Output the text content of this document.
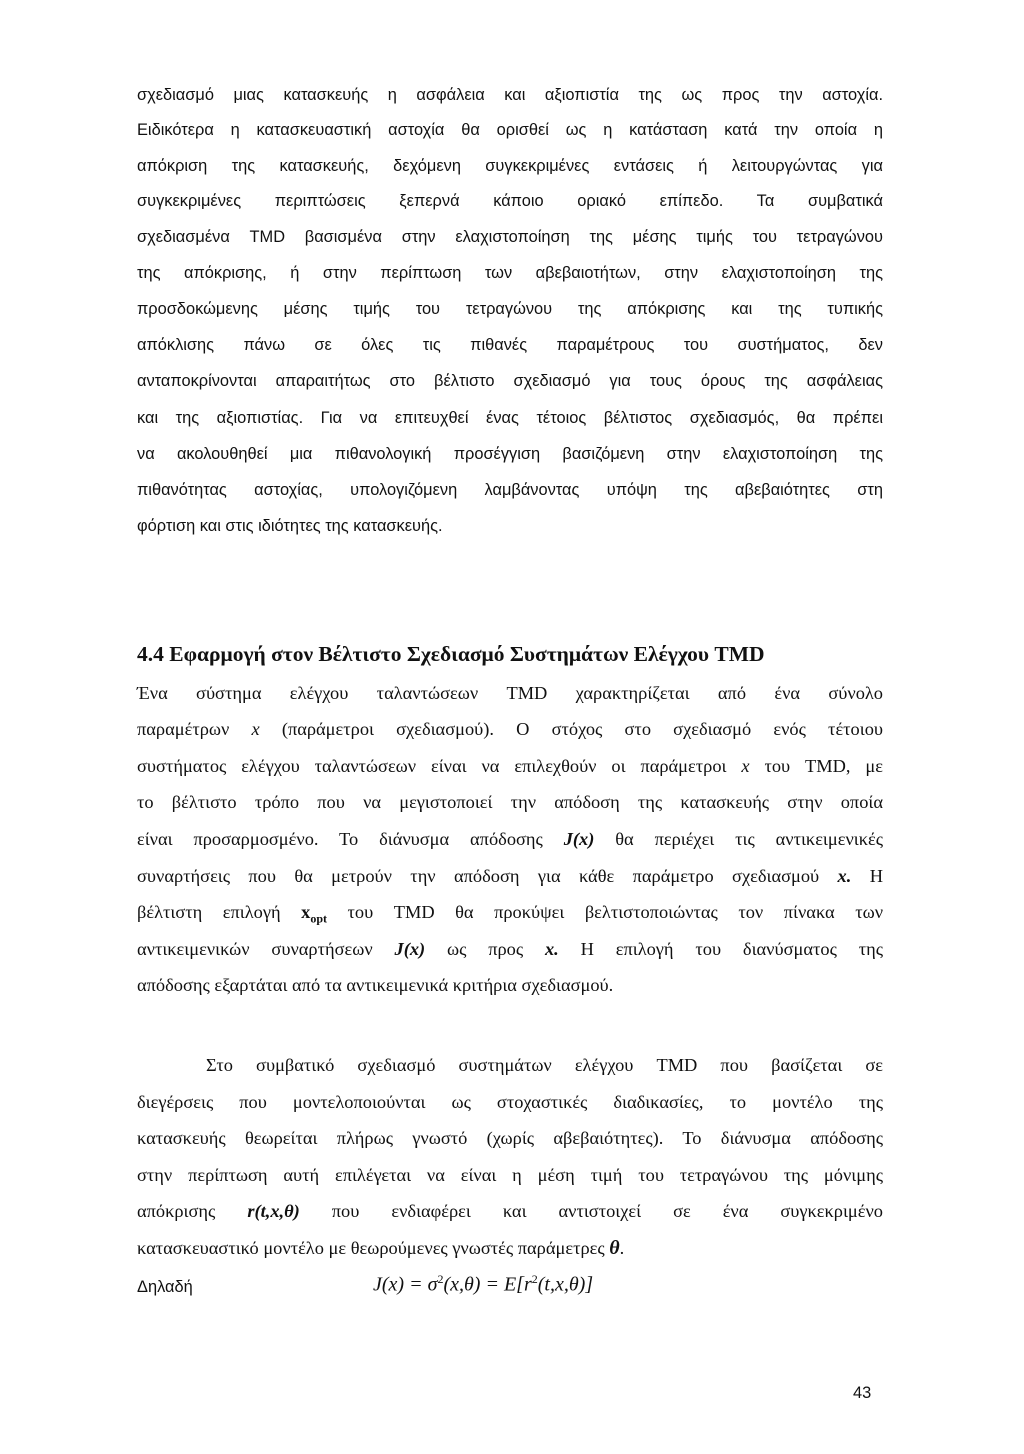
σχεδιασμό μιας κατασκευής η ασφάλεια και αξιοπιστία της ως προς την αστοχία.
Ειδικότερα η κατασκευαστική αστοχία θα ορισθεί ως η κατάσταση κατά την οποία η
απόκριση της κατασκευής, δεχόμενη συγκεκριμένες εντάσεις ή λειτουργώντας για
συγκεκριμένες περιπτώσεις ξεπερνά κάποιο οριακό επίπεδο. Τα συμβατικά
σχεδιασμένα TMD βασισμένα στην ελαχιστοποίηση της μέσης τιμής του τετραγώνου
της απόκρισης, ή στην περίπτωση των αβεβαιοτήτων, στην ελαχιστοποίηση της
προσδοκώμενης μέσης τιμής του τετραγώνου της απόκρισης και της τυπικής
απόκλισης πάνω σε όλες τις πιθανές παραμέτρους του συστήματος, δεν
ανταποκρίνονται απαραιτήτως στο βέλτιστο σχεδιασμό για τους όρους της ασφάλειας
και της αξιοπιστίας. Για να επιτευχθεί ένας τέτοιος βέλτιστος σχεδιασμός, θα πρέπει
να ακολουθηθεί μια πιθανολογική προσέγγιση βασιζόμενη στην ελαχιστοποίηση της
πιθανότητας αστοχίας, υπολογιζόμενη λαμβάνοντας υπόψη της αβεβαιότητες στη
φόρτιση και στις ιδιότητες της κατασκευής.
4.4 Εφαρμογή στον Βέλτιστο Σχεδιασμό Συστημάτων Ελέγχου TMD
Ένα σύστημα ελέγχου ταλαντώσεων TMD χαρακτηρίζεται από ένα σύνολο
παραμέτρων x (παράμετροι σχεδιασμού). Ο στόχος στο σχεδιασμό ενός τέτοιου
συστήματος ελέγχου ταλαντώσεων είναι να επιλεχθούν οι παράμετροι x του TMD, με
το βέλτιστο τρόπο που να μεγιστοποιεί την απόδοση της κατασκευής στην οποία
είναι προσαρμοσμένο. Το διάνυσμα απόδοσης J(x) θα περιέχει τις αντικειμενικές
συναρτήσεις που θα μετρούν την απόδοση για κάθε παράμετρο σχεδιασμού x. Η
βέλτιστη επιλογή $x_{opt}$ του TMD θα προκύψει βελτιστοποιώντας τον πίνακα των
αντικειμενικών συναρτήσεων J(x) ως προς x. Η επιλογή του διανύσματος της
απόδοσης εξαρτάται από τα αντικειμενικά κριτήρια σχεδιασμού.
Στο συμβατικό σχεδιασμό συστημάτων ελέγχου TMD που βασίζεται σε
διεγέρσεις που μοντελοποιούνται ως στοχαστικές διαδικασίες, το μοντέλο της
κατασκευής θεωρείται πλήρως γνωστό (χωρίς αβεβαιότητες). Το διάνυσμα απόδοσης
στην περίπτωση αυτή επιλέγεται να είναι η μέση τιμή του τετραγώνου της μόνιμης
απόκρισης r(t,x,θ) που ενδιαφέρει και αντιστοιχεί σε ένα συγκεκριμένο
κατασκευαστικό μοντέλο με θεωρούμενες γνωστές παράμετρες θ.
Δηλαδή	$J(x) = \sigma^2(x,\theta) = E[r^2(t,x,\theta)]$
43
